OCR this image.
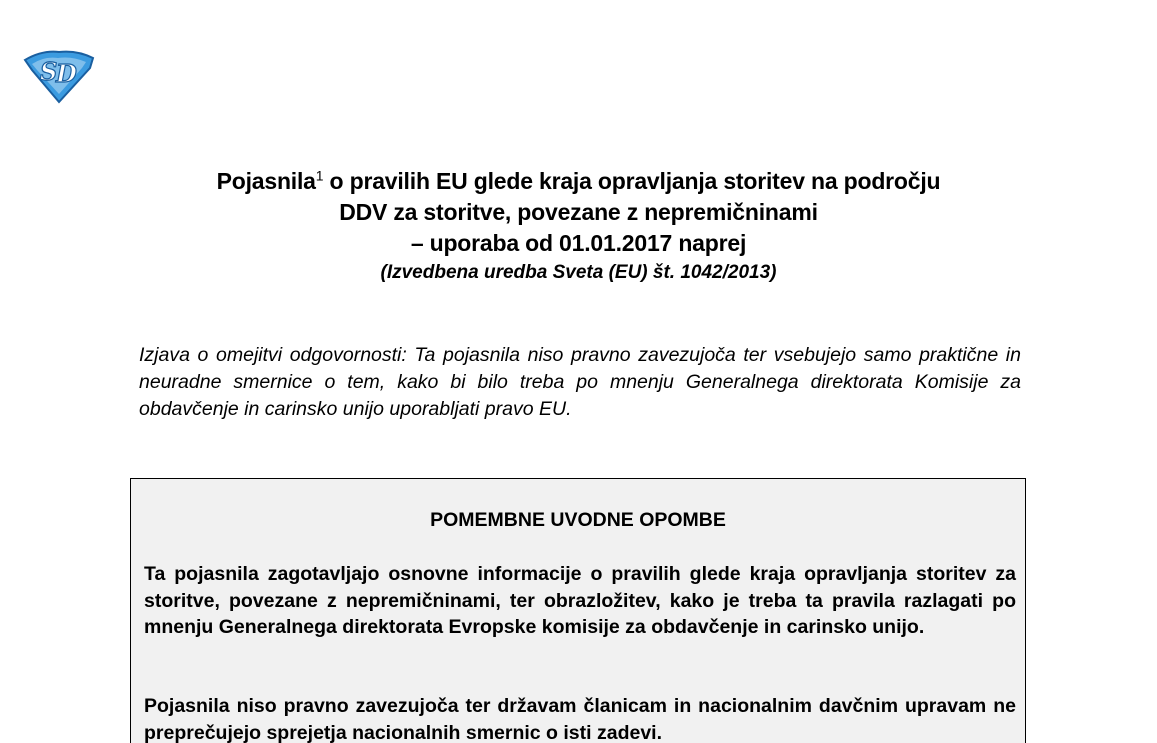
S
D
Pojasnila$^1$ o pravilih EU glede kraja opravljanja storitev na področju
DDV za storitve, povezane z nepremičninami
– uporaba od 01.01.2017 naprej
(Izvedbena uredba Sveta (EU) št. 1042/2013)
Izjava o omejitvi odgovornosti: Ta pojasnila niso pravno zavezujoča ter vsebujejo samo praktične in neuradne smernice o tem, kako bi bilo treba po mnenju Generalnega direktorata Komisije za obdavčenje in carinsko unijo uporabljati pravo EU.
POMEMBNE UVODNE OPOMBE
Ta pojasnila zagotavljajo osnovne informacije o pravilih glede kraja opravljanja storitev za storitve, povezane z nepremičninami, ter obrazložitev, kako je treba ta pravila razlagati po mnenju Generalnega direktorata Evropske komisije za obdavčenje in carinsko unijo.
Pojasnila niso pravno zavezujoča ter državam članicam in nacionalnim davčnim upravam ne preprečujejo sprejetja nacionalnih smernic o isti zadevi.
